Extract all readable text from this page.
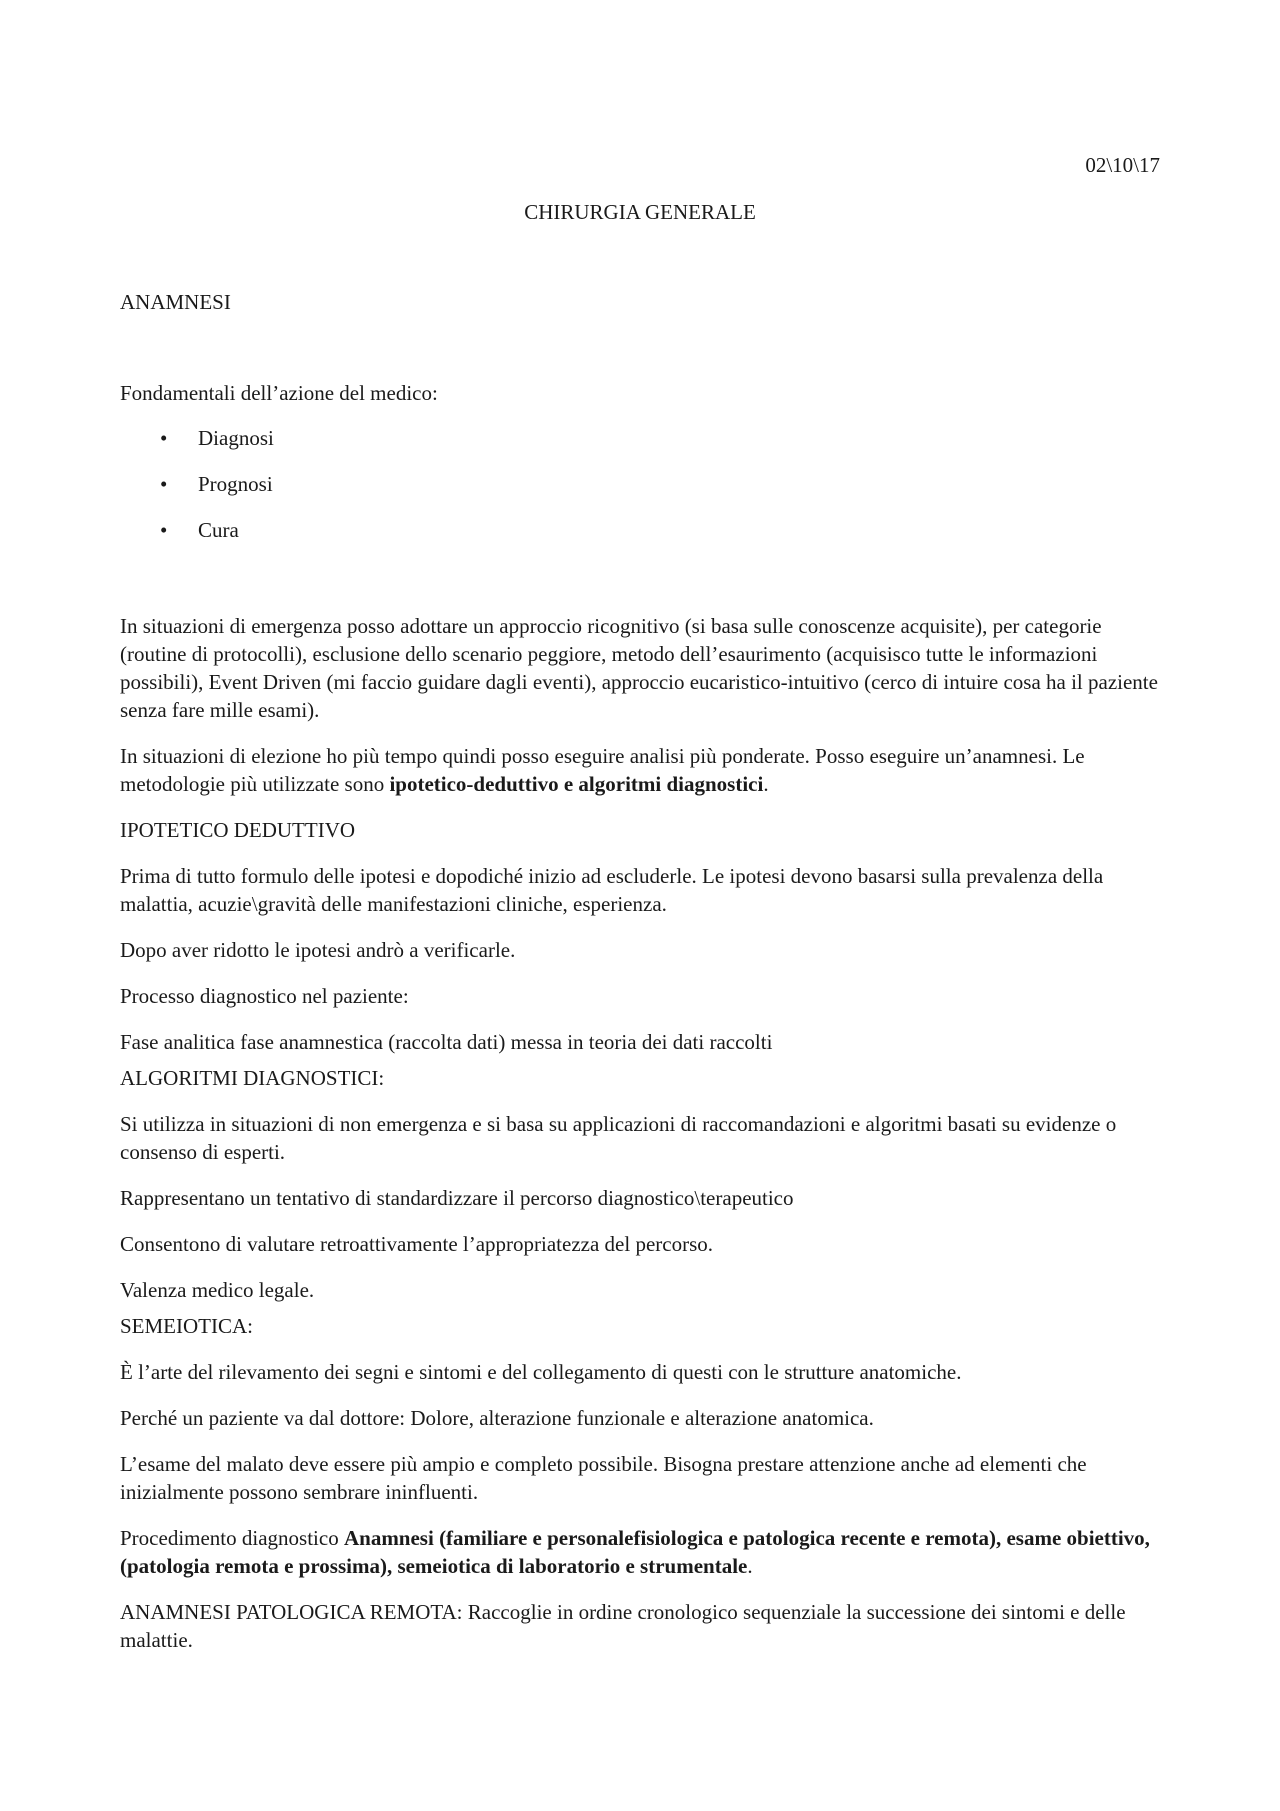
02\10\17
CHIRURGIA GENERALE
ANAMNESI

Fondamentali dell’azione del medico:

• Diagnosi
• Prognosi
• Cura

In situazioni di emergenza posso adottare un approccio ricognitivo (si basa sulle conoscenze acquisite), per categorie (routine di protocolli), esclusione dello scenario peggiore, metodo dell’esaurimento (acquisisco tutte le informazioni possibili), Event Driven (mi faccio guidare dagli eventi), approccio eucaristico-intuitivo (cerco di intuire cosa ha il paziente senza fare mille esami).

In situazioni di elezione ho più tempo quindi posso eseguire analisi più ponderate. Posso eseguire un’anamnesi. Le metodologie più utilizzate sono ipotetico-deduttivo e algoritmi diagnostici.

IPOTETICO DEDUTTIVO

Prima di tutto formulo delle ipotesi e dopodiché inizio ad escluderle. Le ipotesi devono basarsi sulla prevalenza della malattia, acuzie\gravità delle manifestazioni cliniche, esperienza.

Dopo aver ridotto le ipotesi andrò a verificarle.

Processo diagnostico nel paziente:

Fase analitica fase anamnestica (raccolta dati) messa in teoria dei dati raccolti

ALGORITMI DIAGNOSTICI:

Si utilizza in situazioni di non emergenza e si basa su applicazioni di raccomandazioni e algoritmi basati su evidenze o consenso di esperti.

Rappresentano un tentativo di standardizzare il percorso diagnostico\terapeutico

Consentono di valutare retroattivamente l’appropriatezza del percorso.

Valenza medico legale.

SEMEIOTICA:

È l’arte del rilevamento dei segni e sintomi e del collegamento di questi con le strutture anatomiche.

Perché un paziente va dal dottore: Dolore, alterazione funzionale e alterazione anatomica.

L’esame del malato deve essere più ampio e completo possibile. Bisogna prestare attenzione anche ad elementi che inizialmente possono sembrare ininfluenti.

Procedimento diagnostico Anamnesi (familiare e personalefisiologica e patologica recente e remota), esame obiettivo,(patologia remota e prossima), semeiotica di laboratorio e strumentale.

ANAMNESI PATOLOGICA REMOTA: Raccoglie in ordine cronologico sequenziale la successione dei sintomi e delle malattie.
